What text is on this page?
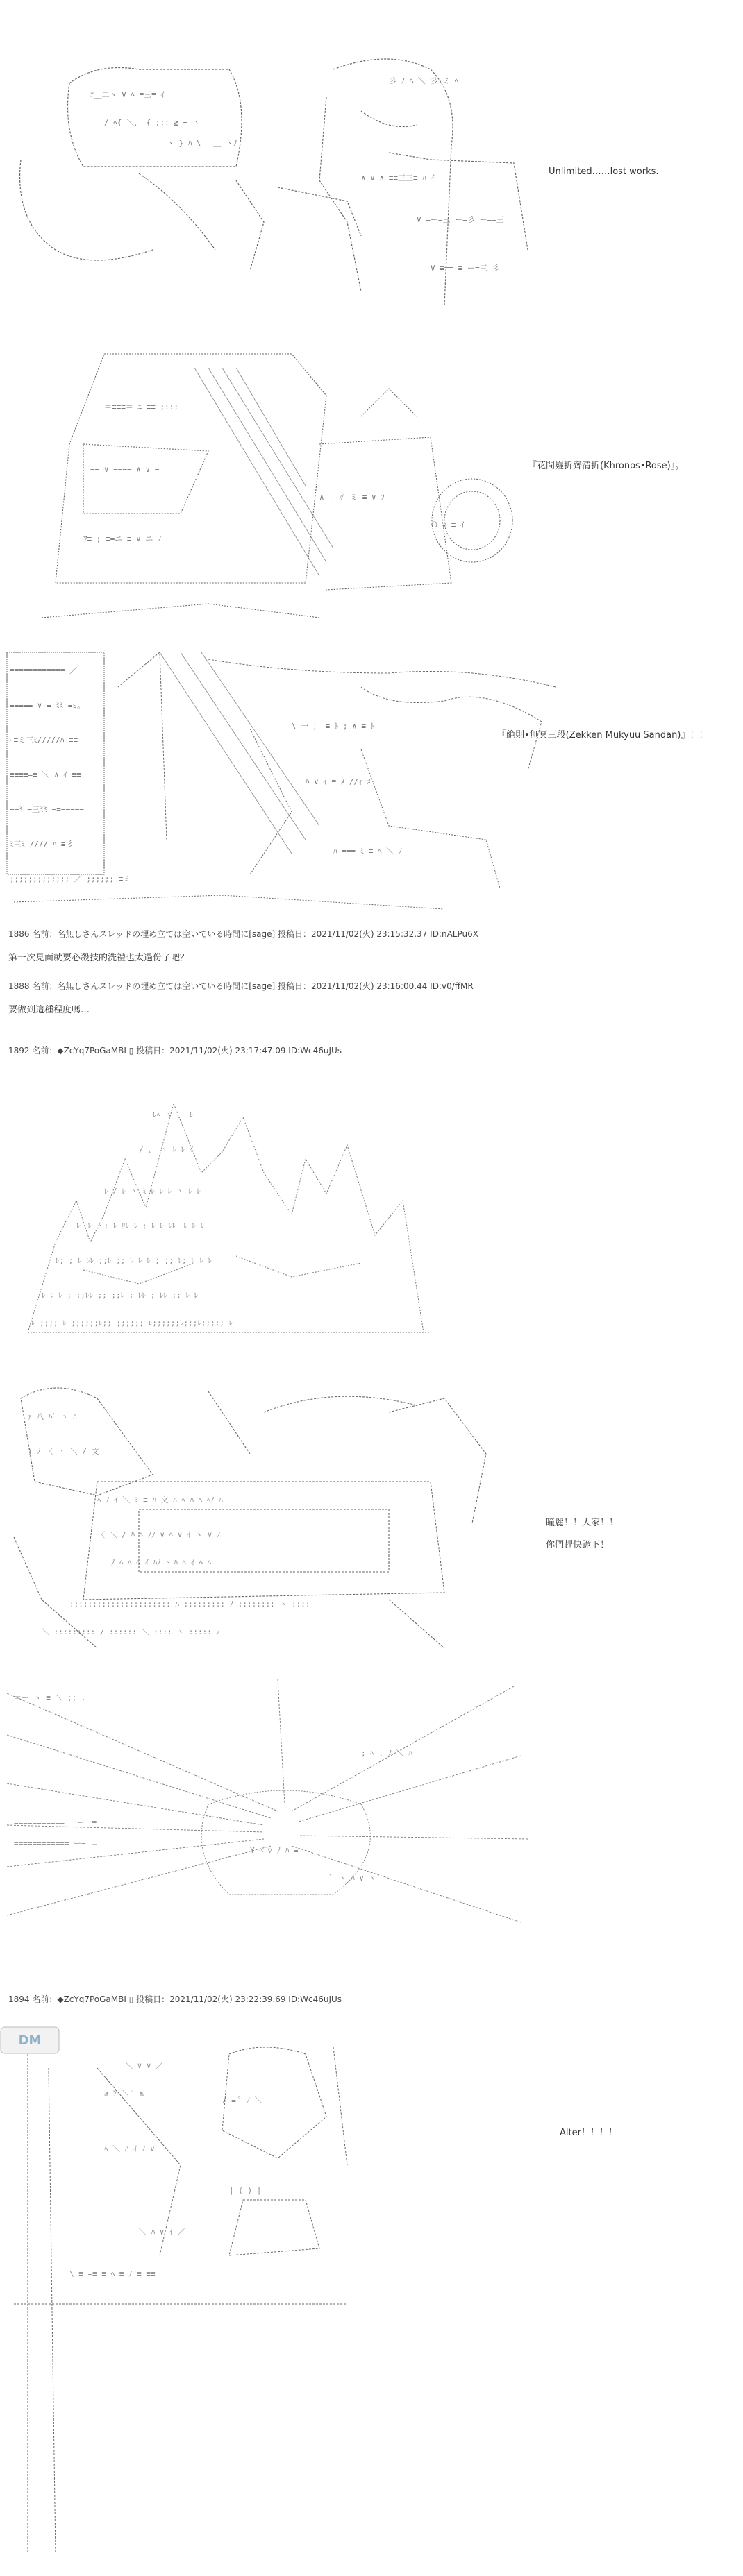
ﾆ＿二ヽ V ﾍ ≡三≡ ｲ
/ ﾍ{ ＼、 { ;;: ≧ ≡ ヽ
ヽ } ﾊ \ ￣＿ ヽﾉ
彡 ﾉ ﾍ ＼ 彡 ミ ﾍ
∧ ∨ ∧ ≡≡三三≡ ﾊ ｲ
V =ー=三 ー=彡 ー==三
V ≡== ≡ ー=三 彡
Unlimited……lost works.
＝≡≡≡＝ ﾆ ≡≡ ;:::
≡≡ ∨ ≡≡≡≡ ∧ ∨ ≡
ﾌ≡ ; ≡=ニ ≡ ∨ ニ ﾉ
∧ | ∥ ミ ≡ ∨ ﾌ
Ｏ ﾊ ≡ ｲ
『花間嶷折齊清折(Khronos•Rose)』。
≡≡≡≡≡≡≡≡≡≡≡≡ ／
≡≡≡≡≡ ∨ ≡ ﾐﾐ ≡s。
ｰ≡ミ三ﾐ/////ﾊ ≡≡
≡≡≡≡=≡ ＼ ∧ ｲ ≡≡
≡≡ﾐ ≡三ﾐﾐ ≡=≡≡≡≡≡
ﾐ三ﾐ //// ﾊ ≡彡
;;;;;;;;;;;;; ／ ;;;;;; ≡ミ
\ 一 ； ≡ ﾄ ; ∧ ≡ ﾄ
ﾊ ∨ ｲ ≡ ﾒ //ｨ ﾒ
ﾊ === ﾐ ≡ ﾍ ＼ ﾉ
『絶則•無冥三段(Zekken Mukyuu Sandan)』！！
1886 名前：名無しさんスレッドの埋め立ては空いている時間に[sage] 投稿日：2021/11/02(火) 23:15:32.37 ID:nALPu6X
第一次見面就要必殺技的洗禮也太過份了吧？
1888 名前：名無しさんスレッドの埋め立ては空いている時間に[sage] 投稿日：2021/11/02(火) 23:16:00.44 ID:v0/ffMR
要做到這種程度嗎…
1892 名前：◆ZcYq7PoGaMBI ▯ 投稿日：2021/11/02(火) 23:17:47.09 ID:Wc46uJUs
ﾚﾍ ヽ 、 ﾚ
/ 、 ヽ ﾚ ﾚ ｲ
ﾚ / ﾚ ヽ ﾐ ﾚ ﾚ ﾚ ヽ ﾚ ﾚ
ﾚ　ﾚ ヽ; ﾚ ﾘﾚ ﾚ ; ﾚ ﾚ ﾚﾚ　ﾚ ﾚ ﾚ
ﾚ; ; ﾚ ﾚﾚ ;;ﾚ ;; ﾚ ﾚ ﾚ ; ;; ﾚ; ﾚ ﾚ ﾚ
ﾚ ﾚ ﾚ ; ;;ﾚﾚ ;; ;;ﾚ ; ﾚﾚ ; ﾚﾚ ;; ﾚ ﾚ
ﾚ ;;;; ﾚ ;;;;;;ﾚ;; ;;;;;; ﾚ;;;;;;ﾚ;;;ﾚ;;;;; ﾚ
ｧ 八 ﾊﾟ ヽ ﾊ
) ﾉ 〈 ヽ ＼ / 文
ﾍ ﾉ ｲ ＼ ﾐ ≡ ﾊ 文 ﾊ ﾍ ﾊ ﾍ ﾍﾉ ﾊ
〈 ＼ / ﾊ ﾍ ﾉﾉ ∨ ﾍ ∨ ｲ ヽ ∨ ﾉ
ﾉ ﾍ ﾍ ﾍ ｲ ﾊﾉ ﾄ ﾊ ﾍ ｲ ﾍ ﾍ
:::::::::::::::::::::: ﾊ ::::::::: ﾉ :::::::: ヽ ::::
＼ ::::::::: / :::::: ＼ :::: ヽ ::::: ﾉ
瞳麗！！大家！！
你們趕快跪下！
＝ー ヽ ≡ ＼ ;; .
=========== 一ー一≡
============ ー≡ ＝
Y ﾍ ▽ ﾉ ﾊ ≡ ＝
｀ ヽ ﾊ ∨ ヾ
; ﾍ . ﾉ ＼ ﾊ
1894 名前：◆ZcYq7PoGaMBI ▯ 投稿日：2021/11/02(火) 23:22:39.69 ID:Wc46uJUs
＼ ∨ ∨ ／
≧ ｱ ＼ ﾟ ≦
/ ≡ ﾟ ﾉ ＼
ﾍ ＼ ﾊ ｲ ﾉ ∨
| ( ) |
＼ ﾊ ∨ ｲ ／
\ ≡ =≡ ≡ ﾍ ≡ ﾉ ≡ ≡≡
Alter！！！！
DM
